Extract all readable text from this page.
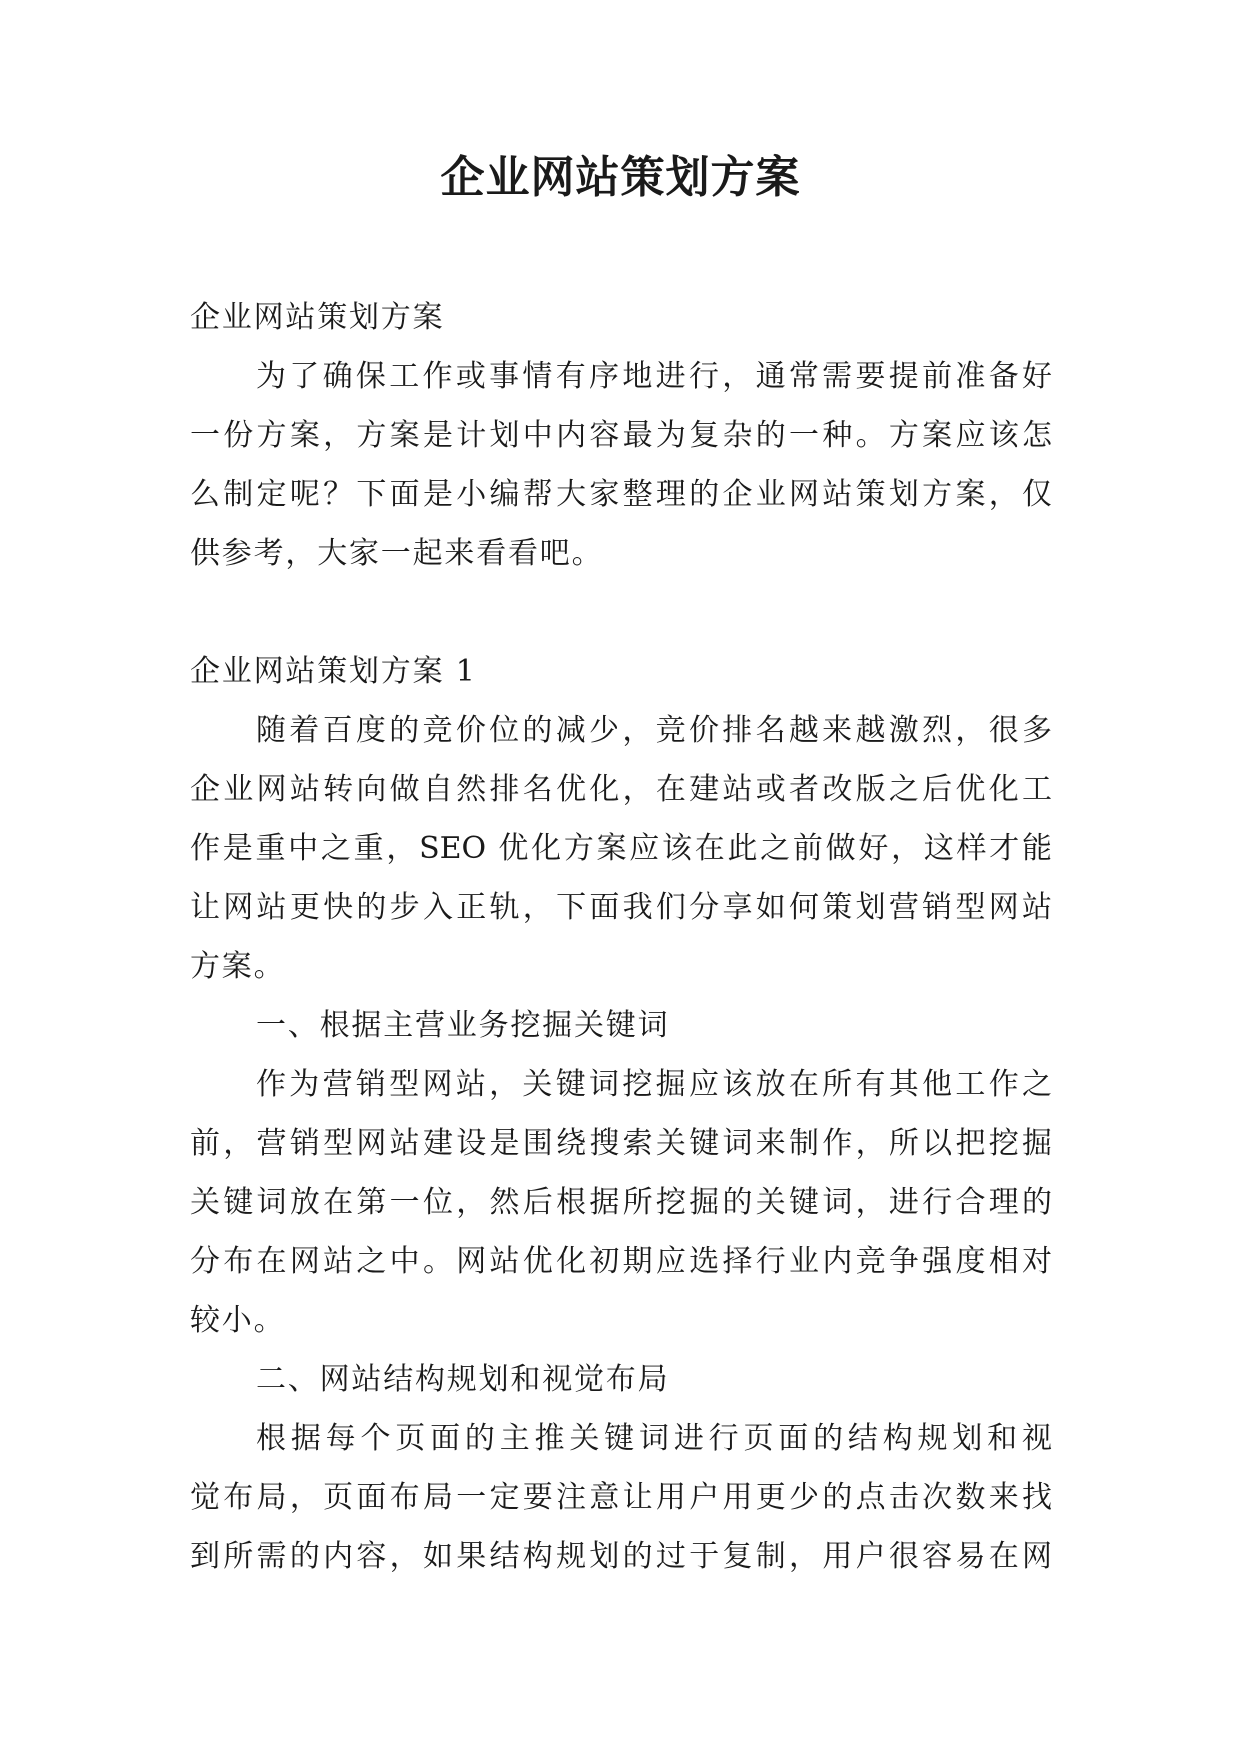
企业网站策划方案
企业网站策划方案
为了确保工作或事情有序地进行，通常需要提前准备好
一份方案，方案是计划中内容最为复杂的一种。方案应该怎
么制定呢？下面是小编帮大家整理的企业网站策划方案，仅
供参考，大家一起来看看吧。
企业网站策划方案 1
随着百度的竞价位的减少，竞价排名越来越激烈，很多
企业网站转向做自然排名优化，在建站或者改版之后优化工
作是重中之重，SEO 优化方案应该在此之前做好，这样才能
让网站更快的步入正轨，下面我们分享如何策划营销型网站
方案。
一、根据主营业务挖掘关键词
作为营销型网站，关键词挖掘应该放在所有其他工作之
前，营销型网站建设是围绕搜索关键词来制作，所以把挖掘
关键词放在第一位，然后根据所挖掘的关键词，进行合理的
分布在网站之中。网站优化初期应选择行业内竞争强度相对
较小。
二、网站结构规划和视觉布局
根据每个页面的主推关键词进行页面的结构规划和视
觉布局，页面布局一定要注意让用户用更少的点击次数来找
到所需的内容，如果结构规划的过于复制，用户很容易在网
